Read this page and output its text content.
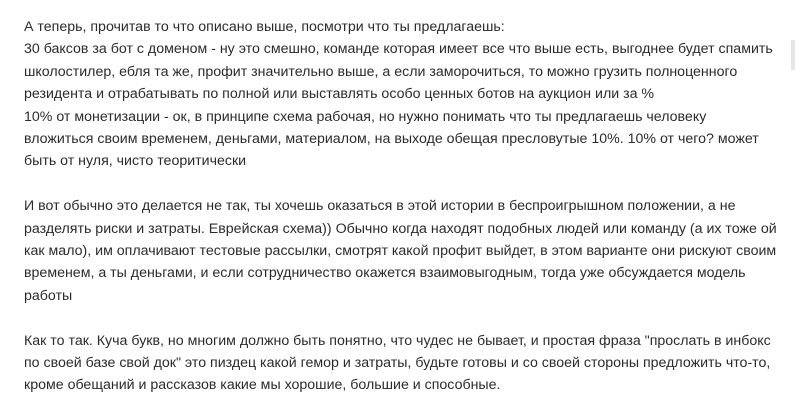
А теперь, прочитав то что описано выше, посмотри что ты предлагаешь:
30 баксов за бот с доменом - ну это смешно, команде которая имеет все что выше есть, выгоднее будет спамить
школостилер, ебля та же, профит значительно выше, а если заморочиться, то можно грузить полноценного
резидента и отрабатывать по полной или выставлять особо ценных ботов на аукцион или за %
10% от монетизации - ок, в принципе схема рабочая, но нужно понимать что ты предлагаешь человеку
вложиться своим временем, деньгами, материалом, на выходе обещая пресловутые 10%. 10% от чего? может
быть от нуля, чисто теоритически

И вот обычно это делается не так, ты хочешь оказаться в этой истории в беспроигрышном положении, а не
разделять риски и затраты. Еврейская схема)) Обычно когда находят подобных людей или команду (а их тоже ой
как мало), им оплачивают тестовые рассылки, смотрят какой профит выйдет, в этом варианте они рискуют своим
временем, а ты деньгами, и если сотрудничество окажется взаимовыгодным, тогда уже обсуждается модель
работы

Как то так. Куча букв, но многим должно быть понятно, что чудес не бывает, и простая фраза "прослать в инбокс
по своей базе свой док" это пиздец какой гемор и затраты, будьте готовы и со своей стороны предложить что-то,
кроме обещаний и рассказов какие мы хорошие, большие и способные.
